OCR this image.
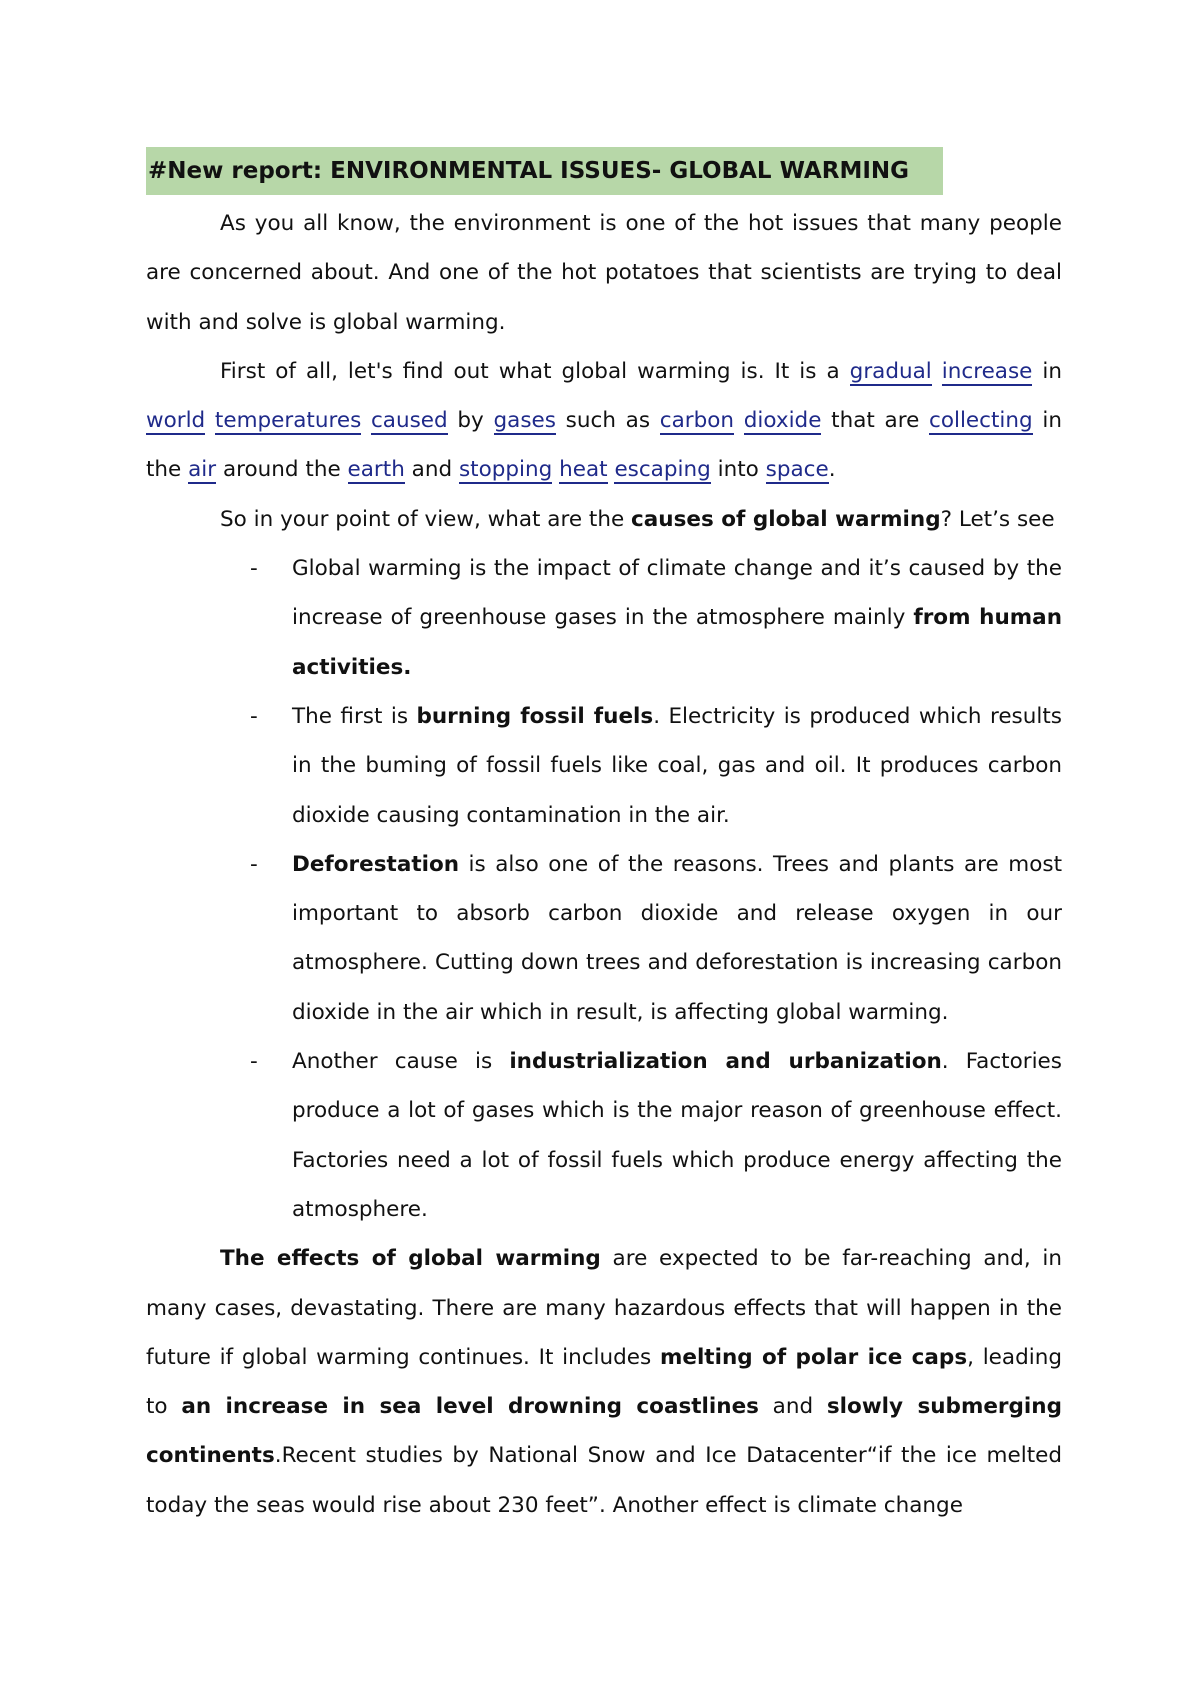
#New report: ENVIRONMENTAL ISSUES- GLOBAL WARMING

As you all know, the environment is one of the hot issues that many people are concerned about. And one of the hot potatoes that scientists are trying to deal with and solve is global warming.

First of all, let's find out what global warming is. It is a gradual increase in world temperatures caused by gases such as carbon dioxide that are collecting in the air around the earth and stopping heat escaping into space.

So in your point of view, what are the causes of global warming? Let’s see

- Global warming is the impact of climate change and it’s caused by the increase of greenhouse gases in the atmosphere mainly from human activities.
- The first is burning fossil fuels. Electricity is produced which results in the buming of fossil fuels like coal, gas and oil. It produces carbon dioxide causing contamination in the air.
- Deforestation is also one of the reasons. Trees and plants are most important to absorb carbon dioxide and release oxygen in our atmosphere. Cutting down trees and deforestation is increasing carbon dioxide in the air which in result, is affecting global warming.
- Another cause is industrialization and urbanization. Factories produce a lot of gases which is the major reason of greenhouse effect. Factories need a lot of fossil fuels which produce energy affecting the atmosphere.

The effects of global warming are expected to be far-reaching and, in many cases, devastating. There are many hazardous effects that will happen in the future if global warming continues. It includes melting of polar ice caps, leading to an increase in sea level drowning coastlines and slowly submerging continents.Recent studies by National Snow and Ice Datacenter“if the ice melted today the seas would rise about 230 feet”. Another effect is climate change
